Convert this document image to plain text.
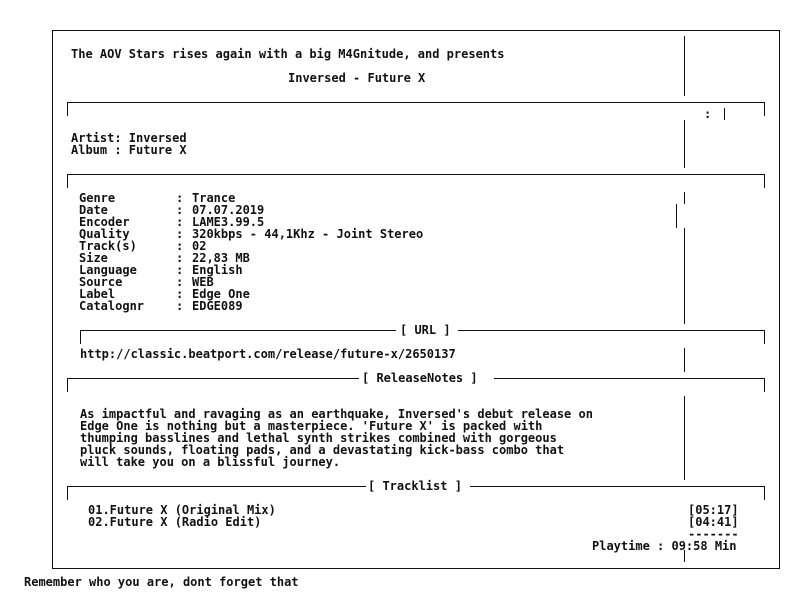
:
The AOV Stars rises again with a big M4Gnitude, and presents
Inversed - Future X
Artist: Inversed
Album : Future X
Genre	: Trance
Date	: 07.07.2019
Encoder	: LAME3.99.5
Quality	: 320kbps - 44,1Khz - Joint Stereo
Track(s)	: 02
Size	: 22,83 MB
Language	: English
Source	: WEB
Label	: Edge One
Catalognr	: EDGE089
[ URL ]
http://classic.beatport.com/release/future-x/2650137
[ ReleaseNotes ]
As impactful and ravaging as an earthquake, Inversed's debut release on
Edge One is nothing but a masterpiece. 'Future X' is packed with
thumping basslines and lethal synth strikes combined with gorgeous
pluck sounds, floating pads, and a devastating kick-bass combo that
will take you on a blissful journey.
[ Tracklist ]
01.Future X (Original Mix)	[05:17]
02.Future X (Radio Edit)	[04:41]
-------
Playtime : 09:58 Min
Remember who you are, dont forget that
